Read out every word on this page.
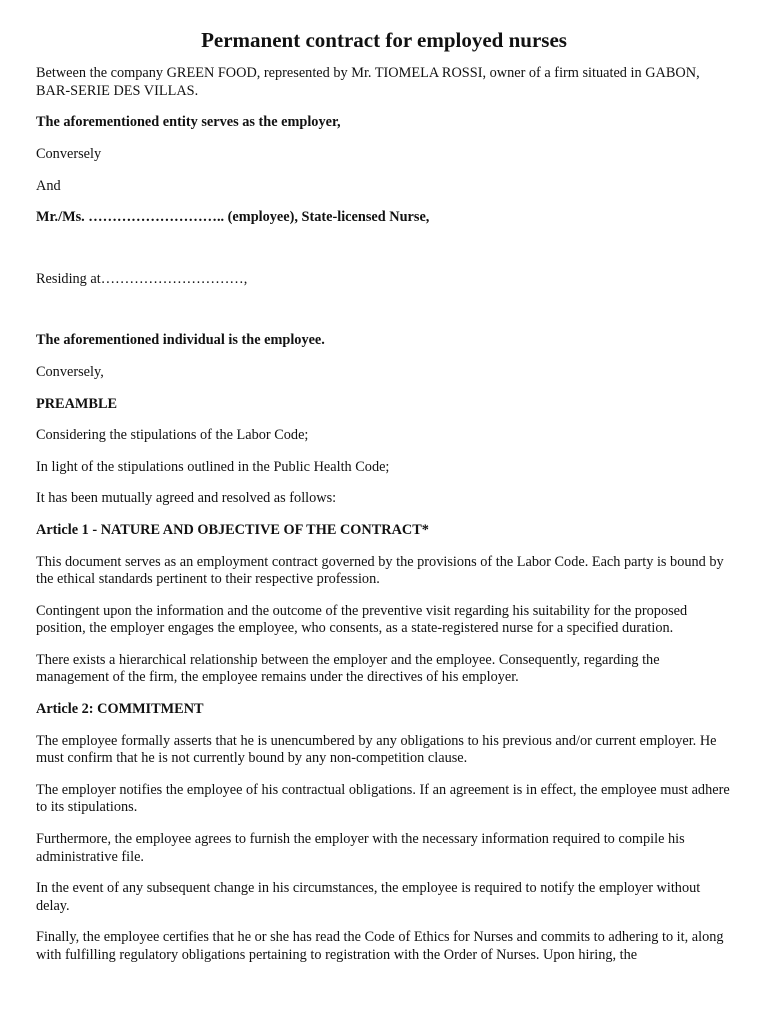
Permanent contract for employed nurses

Between the company GREEN FOOD, represented by Mr. TIOMELA ROSSI, owner of a firm situated in GABON, BAR-SERIE DES VILLAS.

The aforementioned entity serves as the employer,

Conversely

And

Mr./Ms. ……………………….. (employee), State-licensed Nurse,

Residing at…………………………,

The aforementioned individual is the employee.

Conversely,

PREAMBLE

Considering the stipulations of the Labor Code;

In light of the stipulations outlined in the Public Health Code;

It has been mutually agreed and resolved as follows:

Article 1 - NATURE AND OBJECTIVE OF THE CONTRACT*

This document serves as an employment contract governed by the provisions of the Labor Code. Each party is bound by the ethical standards pertinent to their respective profession.

Contingent upon the information and the outcome of the preventive visit regarding his suitability for the proposed position, the employer engages the employee, who consents, as a state-registered nurse for a specified duration.

There exists a hierarchical relationship between the employer and the employee. Consequently, regarding the management of the firm, the employee remains under the directives of his employer.

Article 2: COMMITMENT

The employee formally asserts that he is unencumbered by any obligations to his previous and/or current employer. He must confirm that he is not currently bound by any non-competition clause.

The employer notifies the employee of his contractual obligations. If an agreement is in effect, the employee must adhere to its stipulations.

Furthermore, the employee agrees to furnish the employer with the necessary information required to compile his administrative file.

In the event of any subsequent change in his circumstances, the employee is required to notify the employer without delay.

Finally, the employee certifies that he or she has read the Code of Ethics for Nurses and commits to adhering to it, along with fulfilling regulatory obligations pertaining to registration with the Order of Nurses. Upon hiring, the
